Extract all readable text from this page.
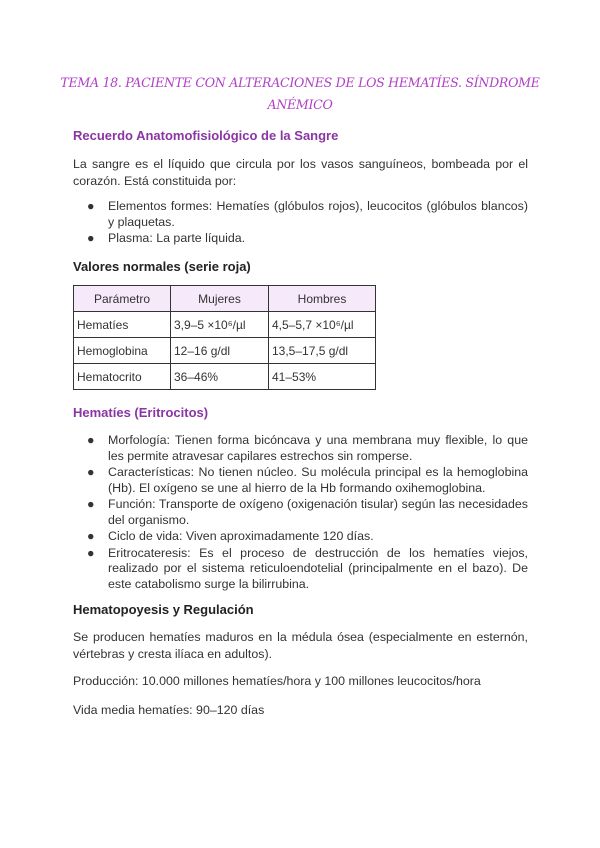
TEMA 18. PACIENTE CON ALTERACIONES DE LOS HEMATÍES. SÍNDROME
ANÉMICO
Recuerdo Anatomofisiológico de la Sangre
La sangre es el líquido que circula por los vasos sanguíneos, bombeada por el corazón. Está constituida por:
● Elementos formes: Hematíes (glóbulos rojos), leucocitos (glóbulos blancos) y plaquetas.
● Plasma: La parte líquida.
Valores normales (serie roja)
Parámetro	Mujeres	Hombres
Hematíes	3,9–5 ×10⁶/µl	4,5–5,7 ×10⁶/µl
Hemoglobina	12–16 g/dl	13,5–17,5 g/dl
Hematocrito	36–46%	41–53%
Hematíes (Eritrocitos)
● Morfología: Tienen forma bicóncava y una membrana muy flexible, lo que les permite atravesar capilares estrechos sin romperse.
● Características: No tienen núcleo. Su molécula principal es la hemoglobina (Hb). El oxígeno se une al hierro de la Hb formando oxihemoglobina.
● Función: Transporte de oxígeno (oxigenación tisular) según las necesidades del organismo.
● Ciclo de vida: Viven aproximadamente 120 días.
● Eritrocateresis: Es el proceso de destrucción de los hematíes viejos, realizado por el sistema reticuloendotelial (principalmente en el bazo). De este catabolismo surge la bilirrubina.
Hematopoyesis y Regulación
Se producen hematíes maduros en la médula ósea (especialmente en esternón, vértebras y cresta ilíaca en adultos).
Producción: 10.000 millones hematíes/hora y 100 millones leucocitos/hora
Vida media hematíes: 90–120 días
